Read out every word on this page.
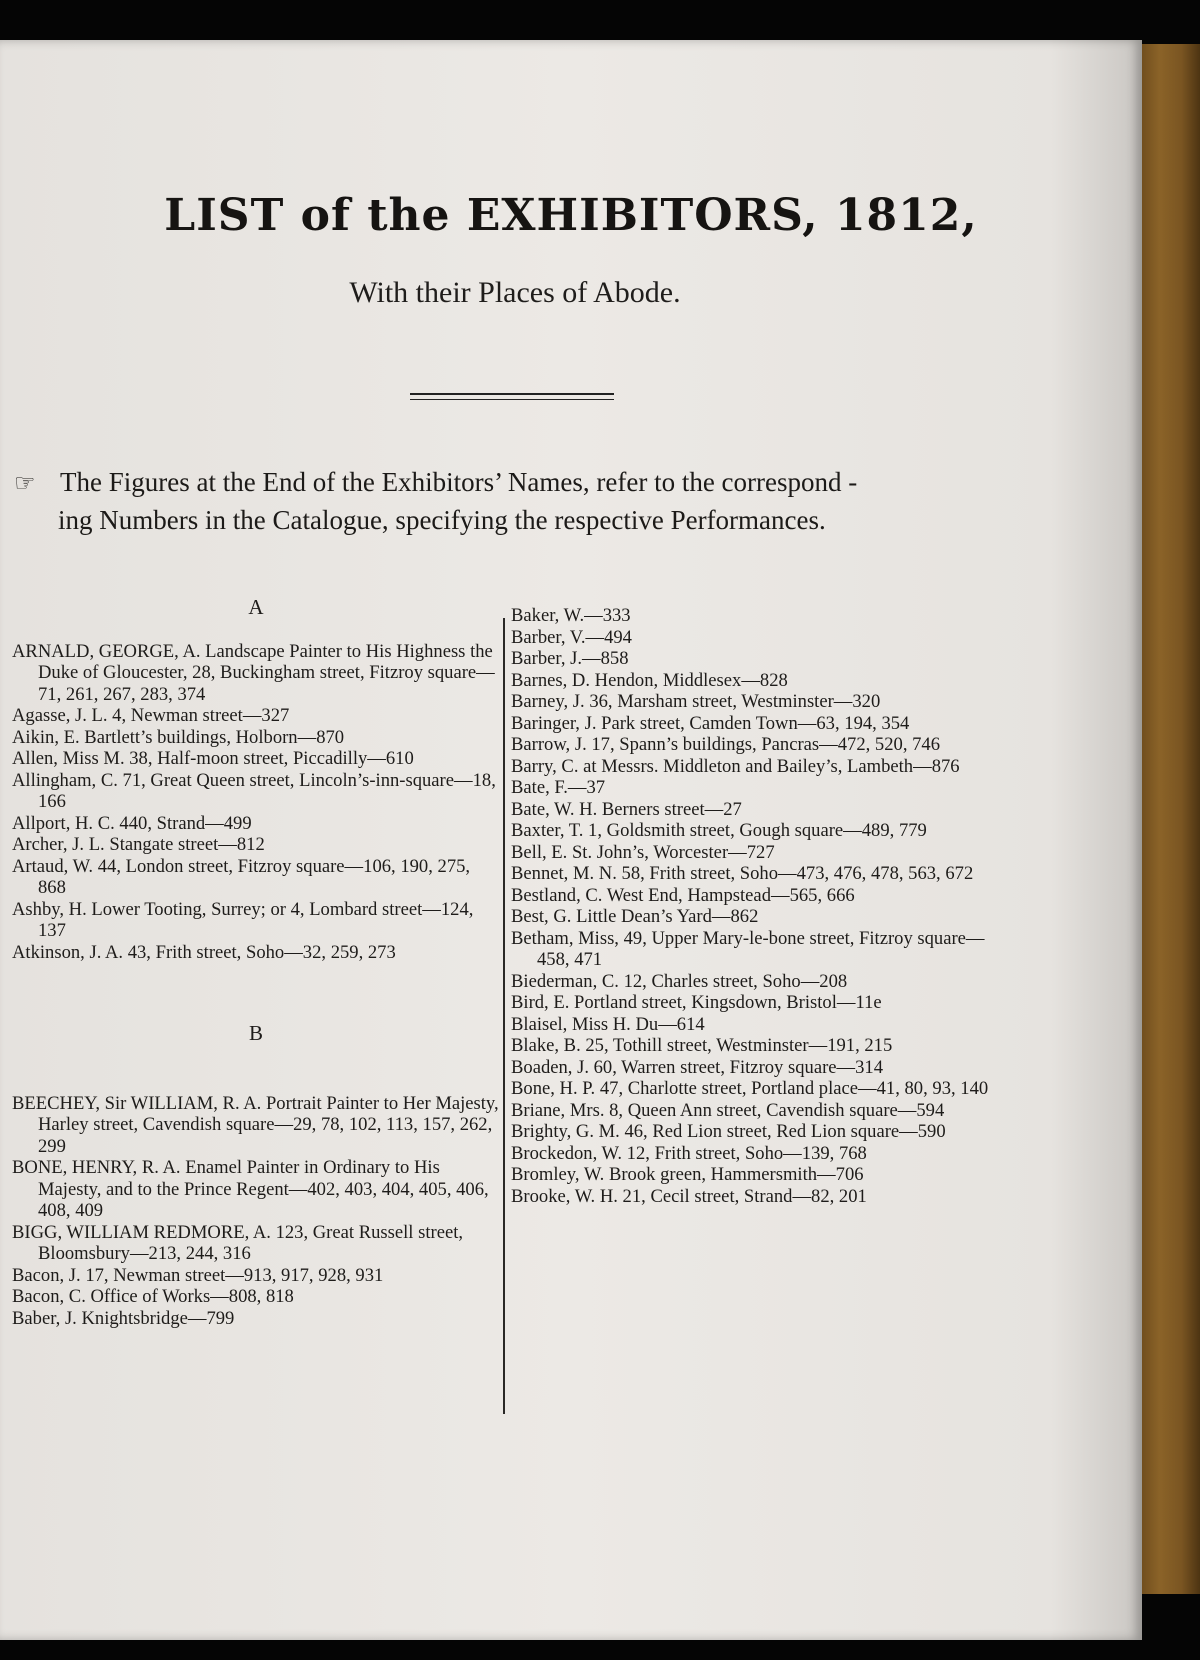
LIST of the EXHIBITORS, 1812,
With their Places of Abode.
☞ The Figures at the End of the Exhibitors’ Names, refer to the correspond -
ing Numbers in the Catalogue, specifying the respective Performances.

A

ARNALD, GEORGE, A. Landscape Painter to His Highness the Duke of Gloucester, 28, Buckingham street, Fitzroy square—71, 261, 267, 283, 374

Agasse, J. L. 4, Newman street—327

Aikin, E. Bartlett’s buildings, Holborn—870

Allen, Miss M. 38, Half-moon street, Piccadilly—610

Allingham, C. 71, Great Queen street, Lincoln’s-inn-square—18, 166

Allport, H. C. 440, Strand—499

Archer, J. L. Stangate street—812

Artaud, W. 44, London street, Fitzroy square—106, 190, 275, 868

Ashby, H. Lower Tooting, Surrey; or 4, Lombard street—124, 137

Atkinson, J. A. 43, Frith street, Soho—32, 259, 273

B

BEECHEY, Sir WILLIAM, R. A. Portrait Painter to Her Majesty, Harley street, Cavendish square—29, 78, 102, 113, 157, 262, 299

BONE, HENRY, R. A. Enamel Painter in Ordinary to His Majesty, and to the Prince Regent—402, 403, 404, 405, 406, 408, 409

BIGG, WILLIAM REDMORE, A. 123, Great Russell street, Bloomsbury—213, 244, 316

Bacon, J. 17, Newman street—913, 917, 928, 931

Bacon, C. Office of Works—808, 818

Baber, J. Knightsbridge—799

Baker, W.—333

Barber, V.—494

Barber, J.—858

Barnes, D. Hendon, Middlesex—828

Barney, J. 36, Marsham street, Westminster—320

Baringer, J. Park street, Camden Town—63, 194, 354

Barrow, J. 17, Spann’s buildings, Pancras—472, 520, 746

Barry, C. at Messrs. Middleton and Bailey’s, Lambeth—876

Bate, F.—37

Bate, W. H. Berners street—27

Baxter, T. 1, Goldsmith street, Gough square—489, 779

Bell, E. St. John’s, Worcester—727

Bennet, M. N. 58, Frith street, Soho—473, 476, 478, 563, 672

Bestland, C. West End, Hampstead—565, 666

Best, G. Little Dean’s Yard—862

Betham, Miss, 49, Upper Mary-le-bone street, Fitzroy square—458, 471

Biederman, C. 12, Charles street, Soho—208

Bird, E. Portland street, Kingsdown, Bristol—11e

Blaisel, Miss H. Du—614

Blake, B. 25, Tothill street, Westminster—191, 215

Boaden, J. 60, Warren street, Fitzroy square—314

Bone, H. P. 47, Charlotte street, Portland place—41, 80, 93, 140

Briane, Mrs. 8, Queen Ann street, Cavendish square—594

Brighty, G. M. 46, Red Lion street, Red Lion square—590

Brockedon, W. 12, Frith street, Soho—139, 768

Bromley, W. Brook green, Hammersmith—706

Brooke, W. H. 21, Cecil street, Strand—82, 201
